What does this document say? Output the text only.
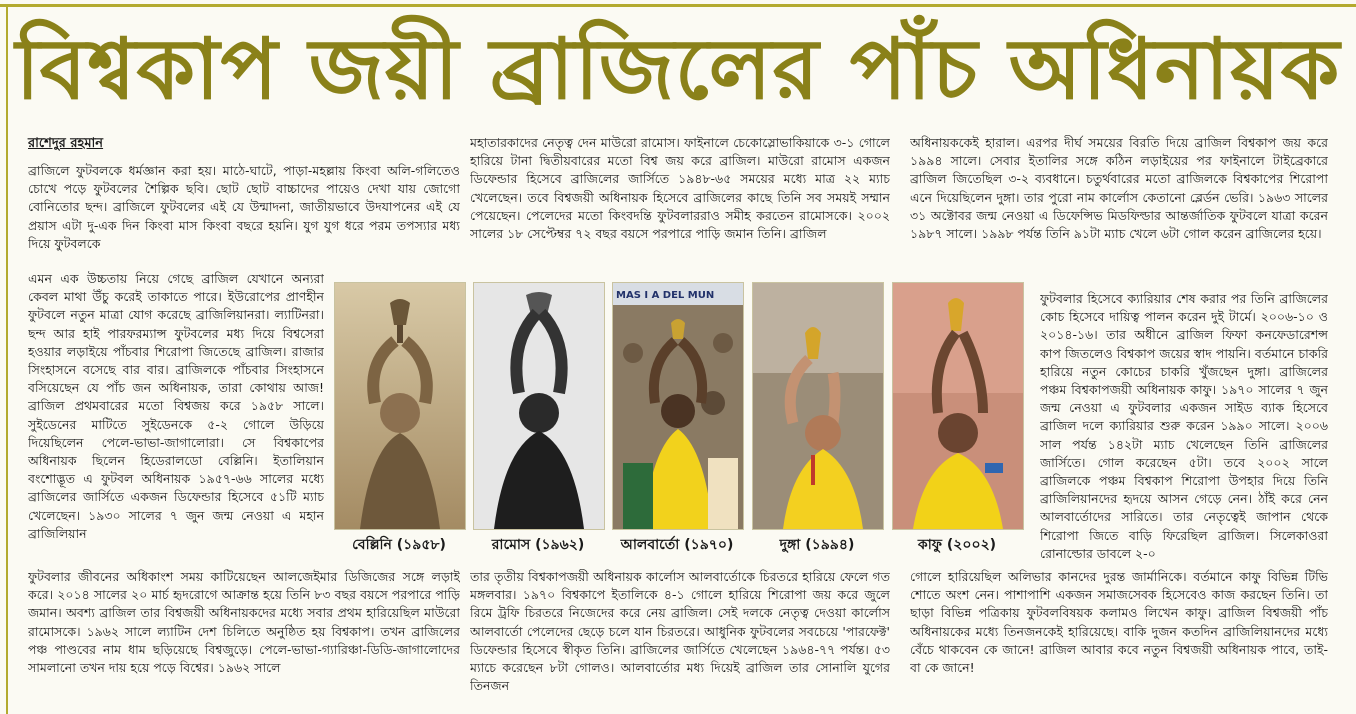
বিশ্বকাপ জয়ী ব্রাজিলের পাঁচ অধিনায়ক
রাশেদুর রহমান

ব্রাজিলে ফুটবলকে ধর্মজ্ঞান করা হয়। মাঠে-ঘাটে, পাড়া-মহল্লায় কিংবা অলি-গলিতেও চোখে পড়ে ফুটবলের শৈল্পিক ছবি। ছোট ছোট বাচ্চাদের পায়েও দেখা যায় জোগো বোনিতোর ছন্দ। ব্রাজিলে ফুটবলের এই যে উন্মাদনা, জাতীয়ভাবে উদযাপনের এই যে প্রয়াস এটা দু-এক দিন কিংবা মাস কিংবা বছরে হয়নি। যুগ যুগ ধরে পরম তপস্যার মধ্য দিয়ে ফুটবলকে

এমন এক উচ্চতায় নিয়ে গেছে ব্রাজিল যেখানে অন্যরা কেবল মাথা উঁচু করেই তাকাতে পারে। ইউরোপের প্রাণহীন ফুটবলে নতুন মাত্রা যোগ করেছে ব্রাজিলিয়ানরা। ল্যাটিনরা। ছন্দ আর হাই পারফরম্যান্স ফুটবলের মধ্য দিয়ে বিশ্বসেরা হওয়ার লড়াইয়ে পাঁচবার শিরোপা জিতেছে ব্রাজিল। রাজার সিংহাসনে বসেছে বার বার। ব্রাজিলকে পাঁচবার সিংহাসনে বসিয়েছেন যে পাঁচ জন অধিনায়ক, তারা কোথায় আজ! ব্রাজিল প্রথমবারের মতো বিশ্বজয় করে ১৯৫৮ সালে। সুইডেনের মাটিতে সুইডেনকে ৫-২ গোলে উড়িয়ে দিয়েছিলেন পেলে-ভাভা-জাগালোরা। সে বিশ্বকাপের অধিনায়ক ছিলেন হিডেরালডো বেল্লিনি। ইতালিয়ান বংশোদ্ভূত এ ফুটবল অধিনায়ক ১৯৫৭-৬৬ সালের মধ্যে ব্রাজিলের জার্সিতে একজন ডিফেন্ডার হিসেবে ৫১টি ম্যাচ খেলেছেন। ১৯৩০ সালের ৭ জুন জন্ম নেওয়া এ মহান ব্রাজিলিয়ান

ফুটবলার জীবনের অধিকাংশ সময় কাটিয়েছেন আলজেইমার ডিজিজের সঙ্গে লড়াই করে। ২০১৪ সালের ২০ মার্চ হৃদরোগে আক্রান্ত হয়ে তিনি ৮৩ বছর বয়সে পরপারে পাড়ি জমান। অবশ্য ব্রাজিল তার বিশ্বজয়ী অধিনায়কদের মধ্যে সবার প্রথম হারিয়েছিল মাউরো রামোসকে। ১৯৬২ সালে ল্যাটিন দেশ চিলিতে অনুষ্ঠিত হয় বিশ্বকাপ। তখন ব্রাজিলের পঞ্চ পাণ্ডবের নাম ধাম ছড়িয়েছে বিশ্বজুড়ে। পেলে-ভাভা-গ্যারিঞ্চা-ডিডি-জাগালোদের সামলানো তখন দায় হয়ে পড়ে বিশ্বের। ১৯৬২ সালে

মহাতারকাদের নেতৃত্ব দেন মাউরো রামোস। ফাইনালে চেকোস্লোভাকিয়াকে ৩-১ গোলে হারিয়ে টানা দ্বিতীয়বারের মতো বিশ্ব জয় করে ব্রাজিল। মাউরো রামোস একজন ডিফেন্ডার হিসেবে ব্রাজিলের জার্সিতে ১৯৪৮-৬৫ সময়ের মধ্যে মাত্র ২২ ম্যাচ খেলেছেন। তবে বিশ্বজয়ী অধিনায়ক হিসেবে ব্রাজিলের কাছে তিনি সব সময়ই সম্মান পেয়েছেন। পেলেদের মতো কিংবদন্তি ফুটবলাররাও সমীহ করতেন রামোসকে। ২০০২ সালের ১৮ সেপ্টেম্বর ৭২ বছর বয়সে পরপারে পাড়ি জমান তিনি। ব্রাজিল

তার তৃতীয় বিশ্বকাপজয়ী অধিনায়ক কার্লোস আলবার্তোকে চিরতরে হারিয়ে ফেলে গত মঙ্গলবার। ১৯৭০ বিশ্বকাপে ইতালিকে ৪-১ গোলে হারিয়ে শিরোপা জয় করে জুলে রিমে ট্রফি চিরতরে নিজেদের করে নেয় ব্রাজিল। সেই দলকে নেতৃত্ব দেওয়া কার্লোস আলবার্তো পেলেদের ছেড়ে চলে যান চিরতরে। আধুনিক ফুটবলের সবচেয়ে 'পারফেক্ট' ডিফেন্ডার হিসেবে স্বীকৃত তিনি। ব্রাজিলের জার্সিতে খেলেছেন ১৯৬৪-৭৭ পর্যন্ত। ৫৩ ম্যাচে করেছেন ৮টা গোলও। আলবার্তোর মধ্য দিয়েই ব্রাজিল তার সোনালি যুগের তিনজন

অধিনায়ককেই হারাল। এরপর দীর্ঘ সময়ের বিরতি দিয়ে ব্রাজিল বিশ্বকাপ জয় করে ১৯৯৪ সালে। সেবার ইতালির সঙ্গে কঠিন লড়াইয়ের পর ফাইনালে টাইব্রেকারে ব্রাজিল জিতেছিল ৩-২ ব্যবধানে। চতুর্থবারের মতো ব্রাজিলকে বিশ্বকাপের শিরোপা এনে দিয়েছিলেন দুঙ্গা। তার পুরো নাম কার্লোস কেতানো ব্লের্ডন ভেরি। ১৯৬৩ সালের ৩১ অক্টোবর জন্ম নেওয়া এ ডিফেন্সিভ মিডফিল্ডার আন্তর্জাতিক ফুটবলে যাত্রা করেন ১৯৮৭ সালে। ১৯৯৮ পর্যন্ত তিনি ৯১টা ম্যাচ খেলে ৬টা গোল করেন ব্রাজিলের হয়ে।

ফুটবলার হিসেবে ক্যারিয়ার শেষ করার পর তিনি ব্রাজিলের কোচ হিসেবে দায়িত্ব পালন করেন দুই টার্মে। ২০০৬-১০ ও ২০১৪-১৬। তার অধীনে ব্রাজিল ফিফা কনফেডারেশন্স কাপ জিতলেও বিশ্বকাপ জয়ের স্বাদ পায়নি। বর্তমানে চাকরি হারিয়ে নতুন কোচের চাকরি খুঁজছেন দুঙ্গা। ব্রাজিলের পঞ্চম বিশ্বকাপজয়ী অধিনায়ক কাফু। ১৯৭০ সালের ৭ জুন জন্ম নেওয়া এ ফুটবলার একজন সাইড ব্যাক হিসেবে ব্রাজিল দলে ক্যারিয়ার শুরু করেন ১৯৯০ সালে। ২০০৬ সাল পর্যন্ত ১৪২টা ম্যাচ খেলেছেন তিনি ব্রাজিলের জার্সিতে। গোল করেছেন ৫টা। তবে ২০০২ সালে ব্রাজিলকে পঞ্চম বিশ্বকাপ শিরোপা উপহার দিয়ে তিনি ব্রাজিলিয়ানদের হৃদয়ে আসন গেড়ে নেন। ঠাঁই করে নেন আলবার্তোদের সারিতে। তার নেতৃত্বেই জাপান থেকে শিরোপা জিতে বাড়ি ফিরেছিল ব্রাজিল। সিলেকাওরা রোনাল্ডোর ডাবলে ২-০

গোলে হারিয়েছিল অলিভার কানদের দুরন্ত জার্মানিকে। বর্তমানে কাফু বিভিন্ন টিভি শোতে অংশ নেন। পাশাপাশি একজন সমাজসেবক হিসেবেও কাজ করছেন তিনি। তা ছাড়া বিভিন্ন পত্রিকায় ফুটবলবিষয়ক কলামও লিখেন কাফু। ব্রাজিল বিশ্বজয়ী পাঁচ অধিনায়কের মধ্যে তিনজনকেই হারিয়েছে। বাকি দুজন কতদিন ব্রাজিলিয়ানদের মধ্যে বেঁচে থাকবেন কে জানে! ব্রাজিল আবার কবে নতুন বিশ্বজয়ী অধিনায়ক পাবে, তাই-বা কে জানে!

বেল্লিনি (১৯৫৮)	রামোস (১৯৬২)
MAS I A DEL MUN
আলবার্তো (১৯৭০)	দুঙ্গা (১৯৯৪)	কাফু (২০০২)
